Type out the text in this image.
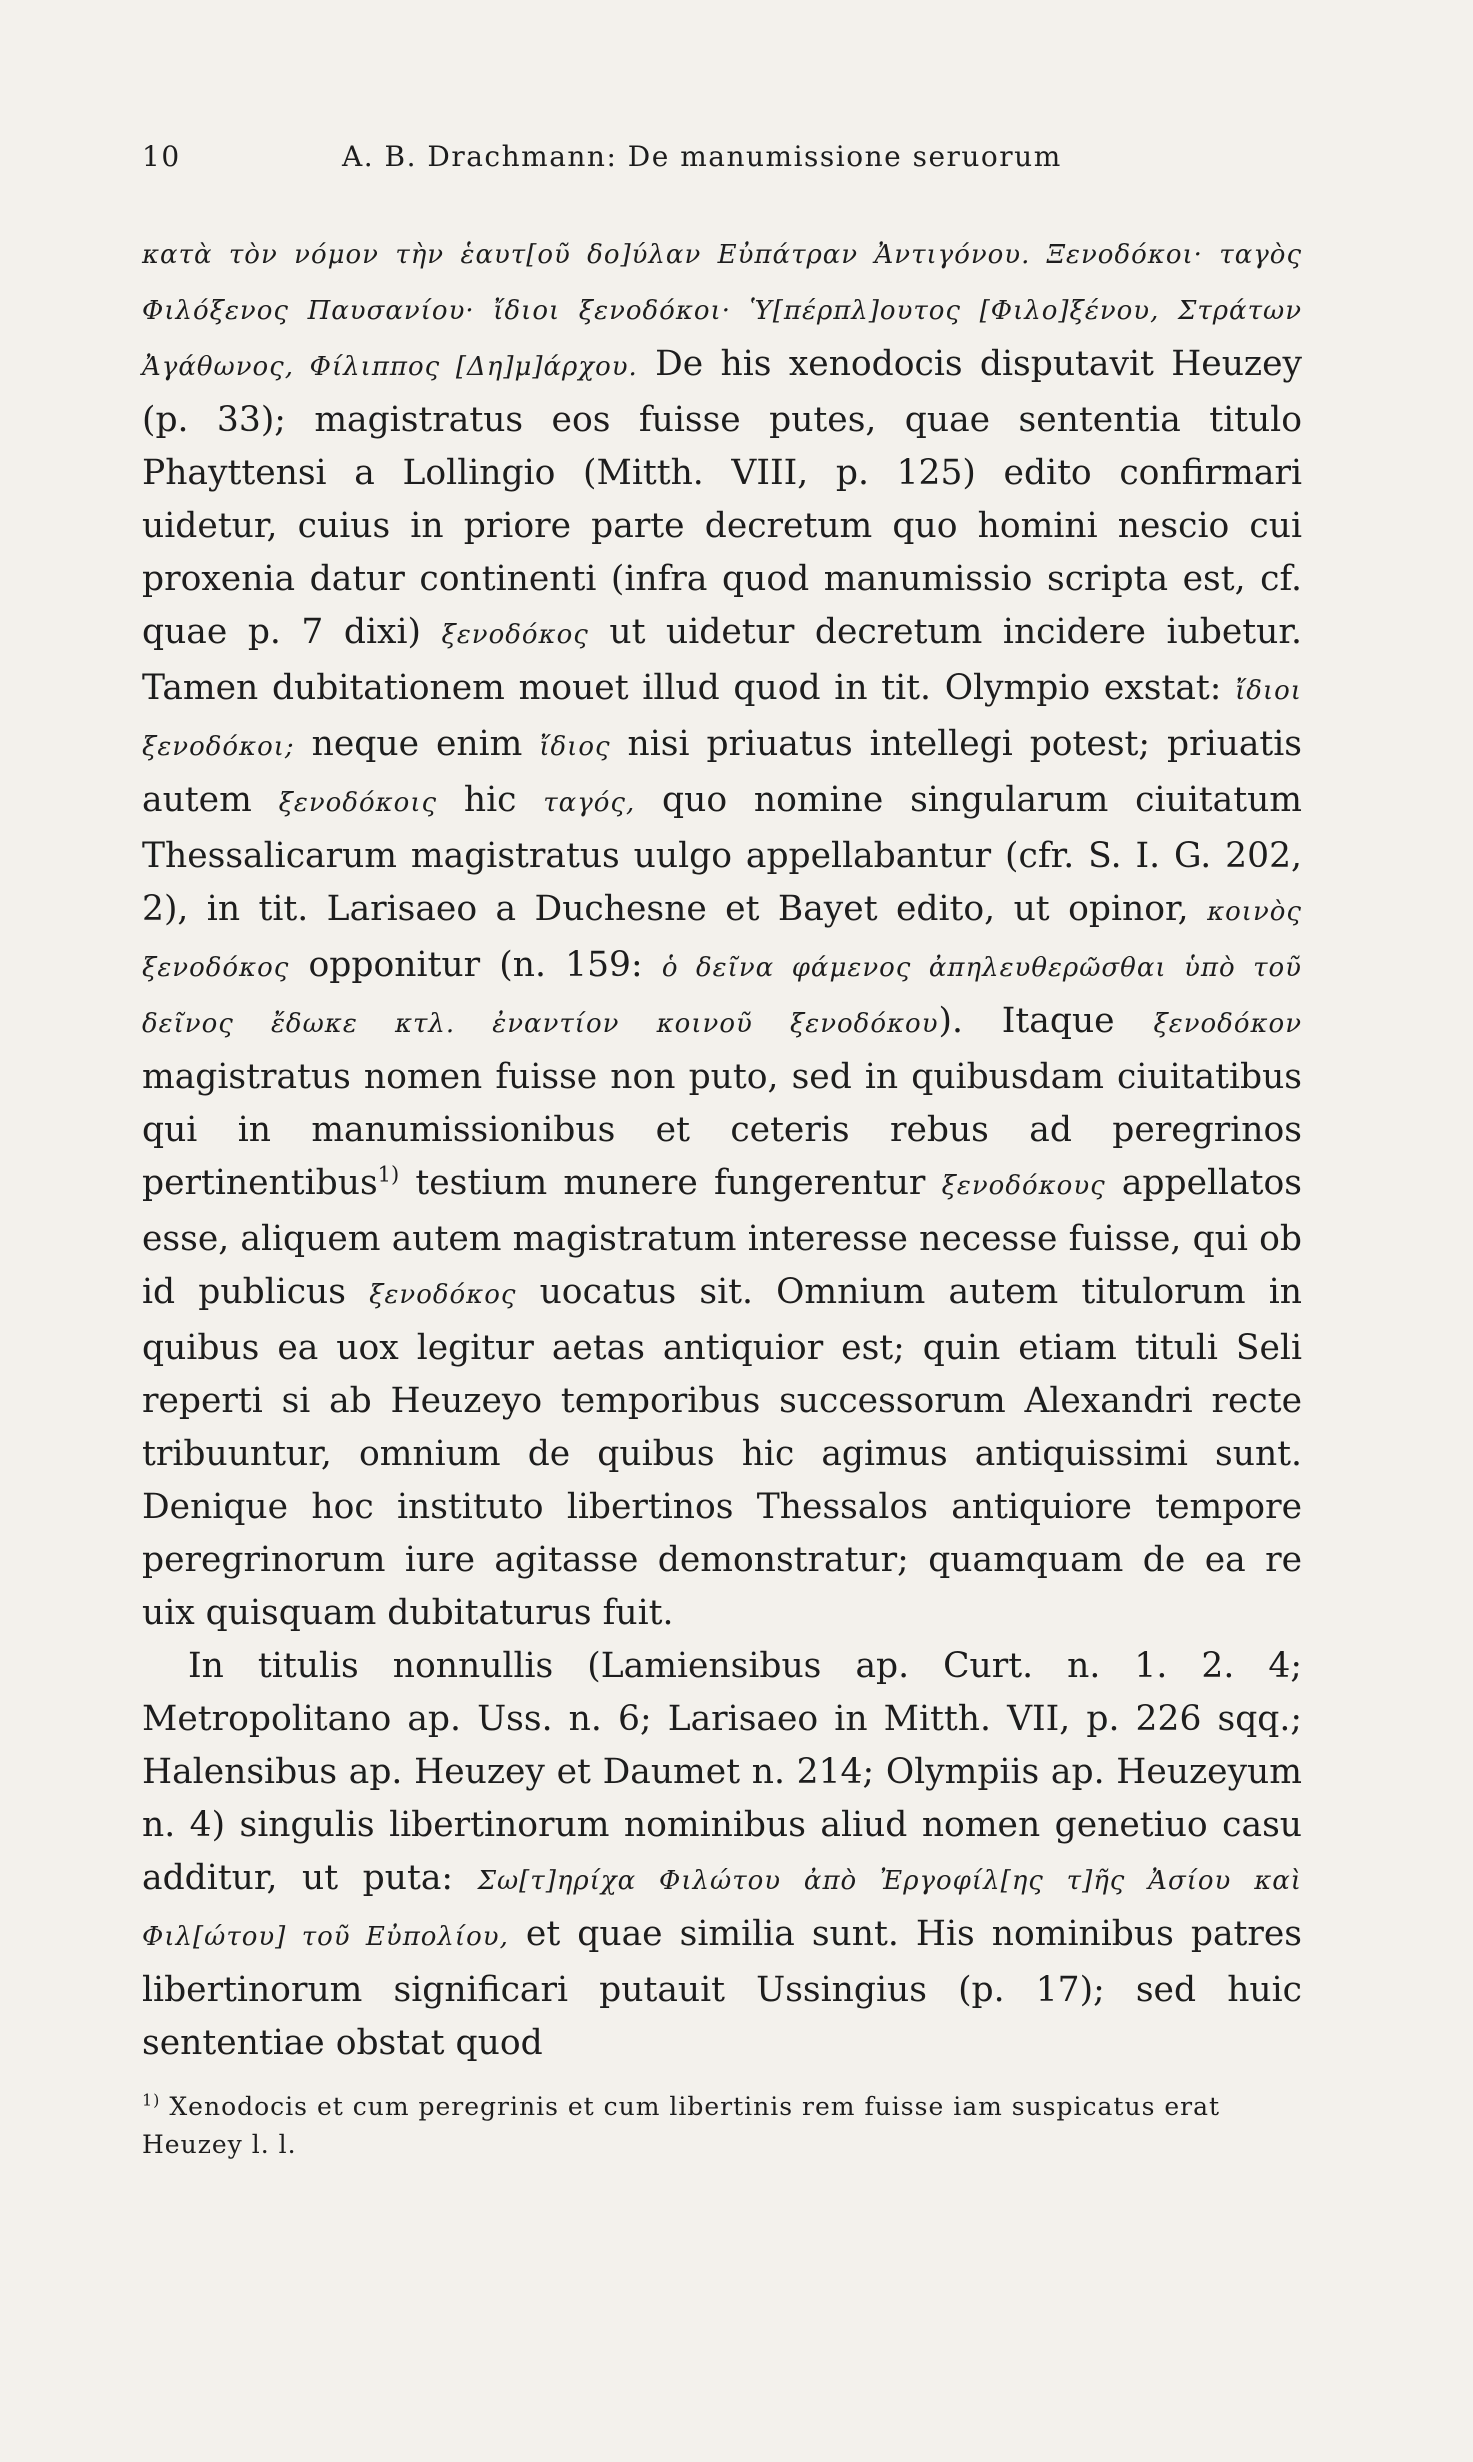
10	A. B. Drachmann: De manumissione seruorum

κατὰ τὸν νόμον τὴν ἑαυτ[οῦ δο]ύλαν Εὐπάτραν Ἀντιγόνου. Ξενοδόκοι· ταγὸς Φιλόξενος Παυσανίου· ἴδιοι ξενοδόκοι· Ὑ[πέρπλ]ουτος [Φιλο]ξένου, Στράτων Ἀγάθωνος, Φίλιππος [Δη]μ]άρχου. De his xenodocis disputavit Heuzey (p. 33); magistratus eos fuisse putes, quae sententia titulo Phayttensi a Lollingio (Mitth. VIII, p. 125) edito confirmari uidetur, cuius in priore parte decretum quo homini nescio cui proxenia datur continenti (infra quod manumissio scripta est, cf. quae p. 7 dixi) ξενοδόκος ut uidetur decretum incidere iubetur. Tamen dubitationem mouet illud quod in tit. Olympio exstat: ἴδιοι ξενοδόκοι; neque enim ἴδιος nisi priuatus intellegi potest; priuatis autem ξενοδόκοις hic ταγός, quo nomine singularum ciuitatum Thessalicarum magistratus uulgo appellabantur (cfr. S. I. G. 202, 2), in tit. Larisaeo a Duchesne et Bayet edito, ut opinor, κοινὸς ξενοδόκος opponitur (n. 159: ὁ δεῖνα φάμενος ἀπηλευθερῶσθαι ὑπὸ τοῦ δεῖνος ἔδωκε κτλ. ἐναντίον κοινοῦ ξενοδόκου). Itaque ξενοδόκον magistratus nomen fuisse non puto, sed in quibusdam ciuitatibus qui in manumissionibus et ceteris rebus ad peregrinos pertinentibus$^{1)}$ testium munere fungerentur ξενοδόκους appellatos esse, aliquem autem magistratum interesse necesse fuisse, qui ob id publicus ξενοδόκος uocatus sit. Omnium autem titulorum in quibus ea uox legitur aetas antiquior est; quin etiam tituli Seli reperti si ab Heuzeyo temporibus successorum Alexandri recte tribuuntur, omnium de quibus hic agimus antiquissimi sunt. Denique hoc instituto libertinos Thessalos antiquiore tempore peregrinorum iure agitasse demonstratur; quamquam de ea re uix quisquam dubitaturus fuit.

In titulis nonnullis (Lamiensibus ap. Curt. n. 1. 2. 4; Metropolitano ap. Uss. n. 6; Larisaeo in Mitth. VII, p. 226 sqq.; Halensibus ap. Heuzey et Daumet n. 214; Olympiis ap. Heuzeyum n. 4) singulis libertinorum nominibus aliud nomen genetiuo casu additur, ut puta: Σω[τ]ηρίχα Φιλώτου ἀπὸ Ἐργοφίλ[ης τ]ῆς Ἀσίου καὶ Φιλ[ώτου] τοῦ Εὐπολίου, et quae similia sunt. His nominibus patres libertinorum significari putauit Ussingius (p. 17); sed huic sententiae obstat quod

$^{1)}$ Xenodocis et cum peregrinis et cum libertinis rem fuisse iam suspicatus erat Heuzey l. l.
